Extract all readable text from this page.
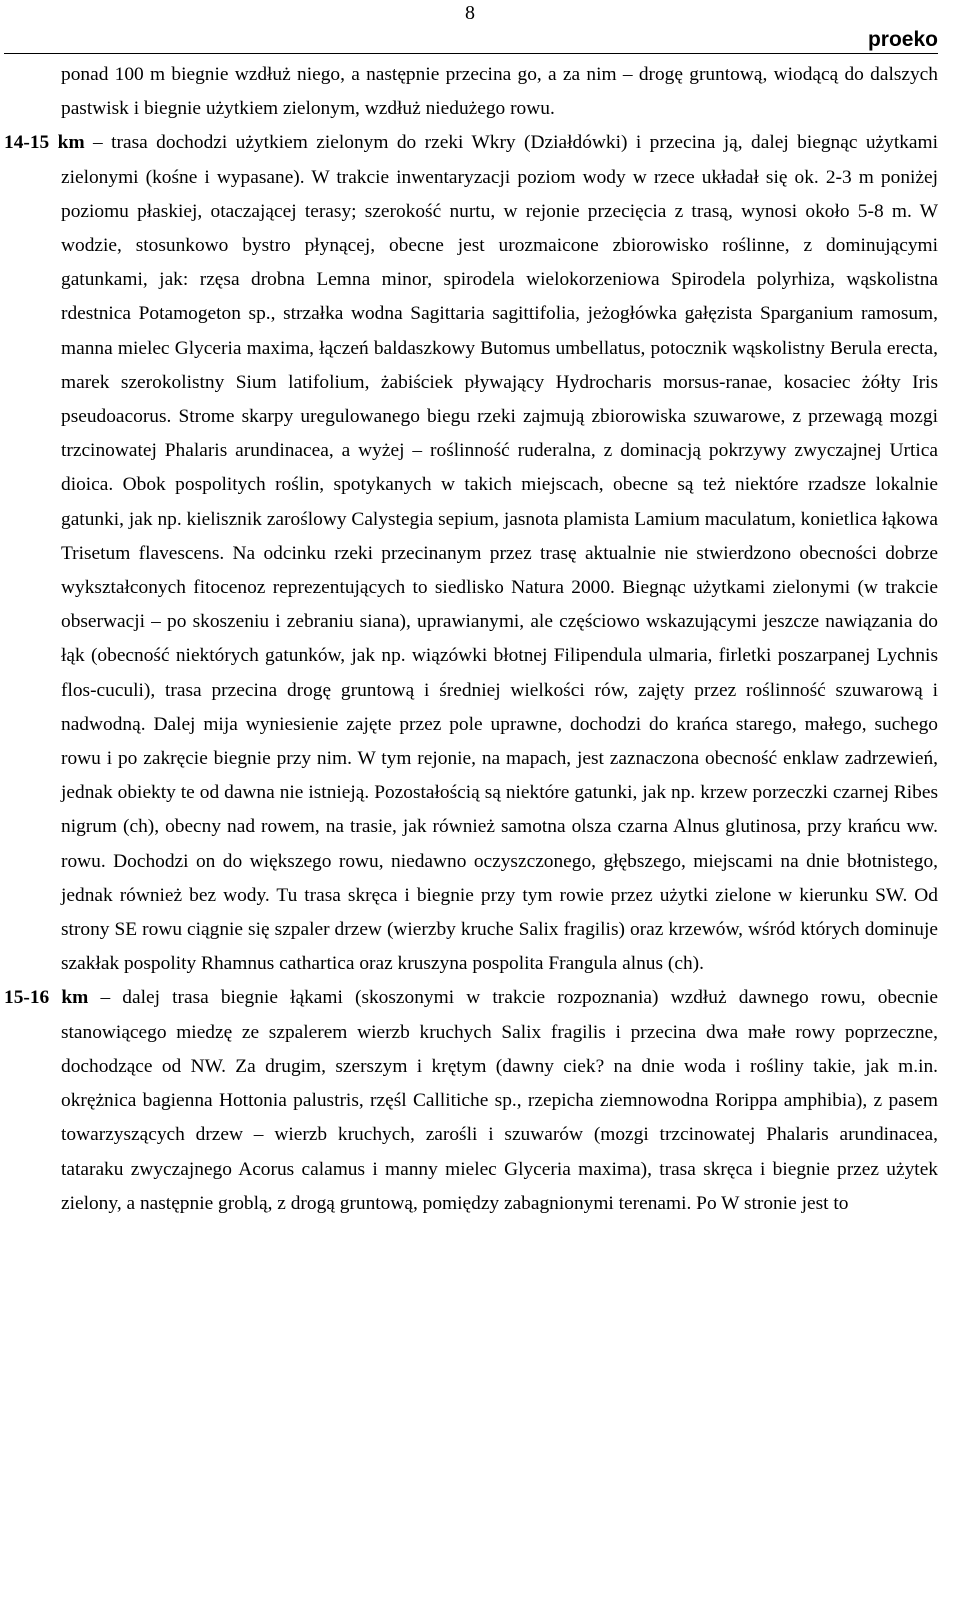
8
proeko

ponad 100 m biegnie wzdłuż niego, a następnie przecina go, a za nim – drogę gruntową, wiodącą do dalszych pastwisk i biegnie użytkiem zielonym, wzdłuż niedużego rowu.

14-15 km – trasa dochodzi użytkiem zielonym do rzeki Wkry (Działdówki) i przecina ją, dalej biegnąc użytkami zielonymi (kośne i wypasane). W trakcie inwentaryzacji poziom wody w rzece układał się ok. 2-3 m poniżej poziomu płaskiej, otaczającej terasy; szerokość nurtu, w rejonie przecięcia z trasą, wynosi około 5-8 m. W wodzie, stosunkowo bystro płynącej, obecne jest urozmaicone zbiorowisko roślinne, z dominującymi gatunkami, jak: rzęsa drobna Lemna minor, spirodela wielokorzeniowa Spirodela polyrhiza, wąskolistna rdestnica Potamogeton sp., strzałka wodna Sagittaria sagittifolia, jeżogłówka gałęzista Sparganium ramosum, manna mielec Glyceria maxima, łączeń baldaszkowy Butomus umbellatus, potocznik wąskolistny Berula erecta, marek szerokolistny Sium latifolium, żabiściek pływający Hydrocharis morsus-ranae, kosaciec żółty Iris pseudoacorus. Strome skarpy uregulowanego biegu rzeki zajmują zbiorowiska szuwarowe, z przewagą mozgi trzcinowatej Phalaris arundinacea, a wyżej – roślinność ruderalna, z dominacją pokrzywy zwyczajnej Urtica dioica. Obok pospolitych roślin, spotykanych w takich miejscach, obecne są też niektóre rzadsze lokalnie gatunki, jak np. kielisznik zaroślowy Calystegia sepium, jasnota plamista Lamium maculatum, konietlica łąkowa Trisetum flavescens. Na odcinku rzeki przecinanym przez trasę aktualnie nie stwierdzono obecności dobrze wykształconych fitocenoz reprezentujących to siedlisko Natura 2000. Biegnąc użytkami zielonymi (w trakcie obserwacji – po skoszeniu i zebraniu siana), uprawianymi, ale częściowo wskazującymi jeszcze nawiązania do łąk (obecność niektórych gatunków, jak np. wiązówki błotnej Filipendula ulmaria, firletki poszarpanej Lychnis flos-cuculi), trasa przecina drogę gruntową i średniej wielkości rów, zajęty przez roślinność szuwarową i nadwodną. Dalej mija wyniesienie zajęte przez pole uprawne, dochodzi do krańca starego, małego, suchego rowu i po zakręcie biegnie przy nim. W tym rejonie, na mapach, jest zaznaczona obecność enklaw zadrzewień, jednak obiekty te od dawna nie istnieją. Pozostałością są niektóre gatunki, jak np. krzew porzeczki czarnej Ribes nigrum (ch), obecny nad rowem, na trasie, jak również samotna olsza czarna Alnus glutinosa, przy krańcu ww. rowu. Dochodzi on do większego rowu, niedawno oczyszczonego, głębszego, miejscami na dnie błotnistego, jednak również bez wody. Tu trasa skręca i biegnie przy tym rowie przez użytki zielone w kierunku SW. Od strony SE rowu ciągnie się szpaler drzew (wierzby kruche Salix fragilis) oraz krzewów, wśród których dominuje szakłak pospolity Rhamnus cathartica oraz kruszyna pospolita Frangula alnus (ch).

15-16 km – dalej trasa biegnie łąkami (skoszonymi w trakcie rozpoznania) wzdłuż dawnego rowu, obecnie stanowiącego miedzę ze szpalerem wierzb kruchych Salix fragilis i przecina dwa małe rowy poprzeczne, dochodzące od NW. Za drugim, szerszym i krętym (dawny ciek? na dnie woda i rośliny takie, jak m.in. okrężnica bagienna Hottonia palustris, rzęśl Callitiche sp., rzepicha ziemnowodna Rorippa amphibia), z pasem towarzyszących drzew – wierzb kruchych, zarośli i szuwarów (mozgi trzcinowatej Phalaris arundinacea, tataraku zwyczajnego Acorus calamus i manny mielec Glyceria maxima), trasa skręca i biegnie przez użytek zielony, a następnie groblą, z drogą gruntową, pomiędzy zabagnionymi terenami. Po W stronie jest to
